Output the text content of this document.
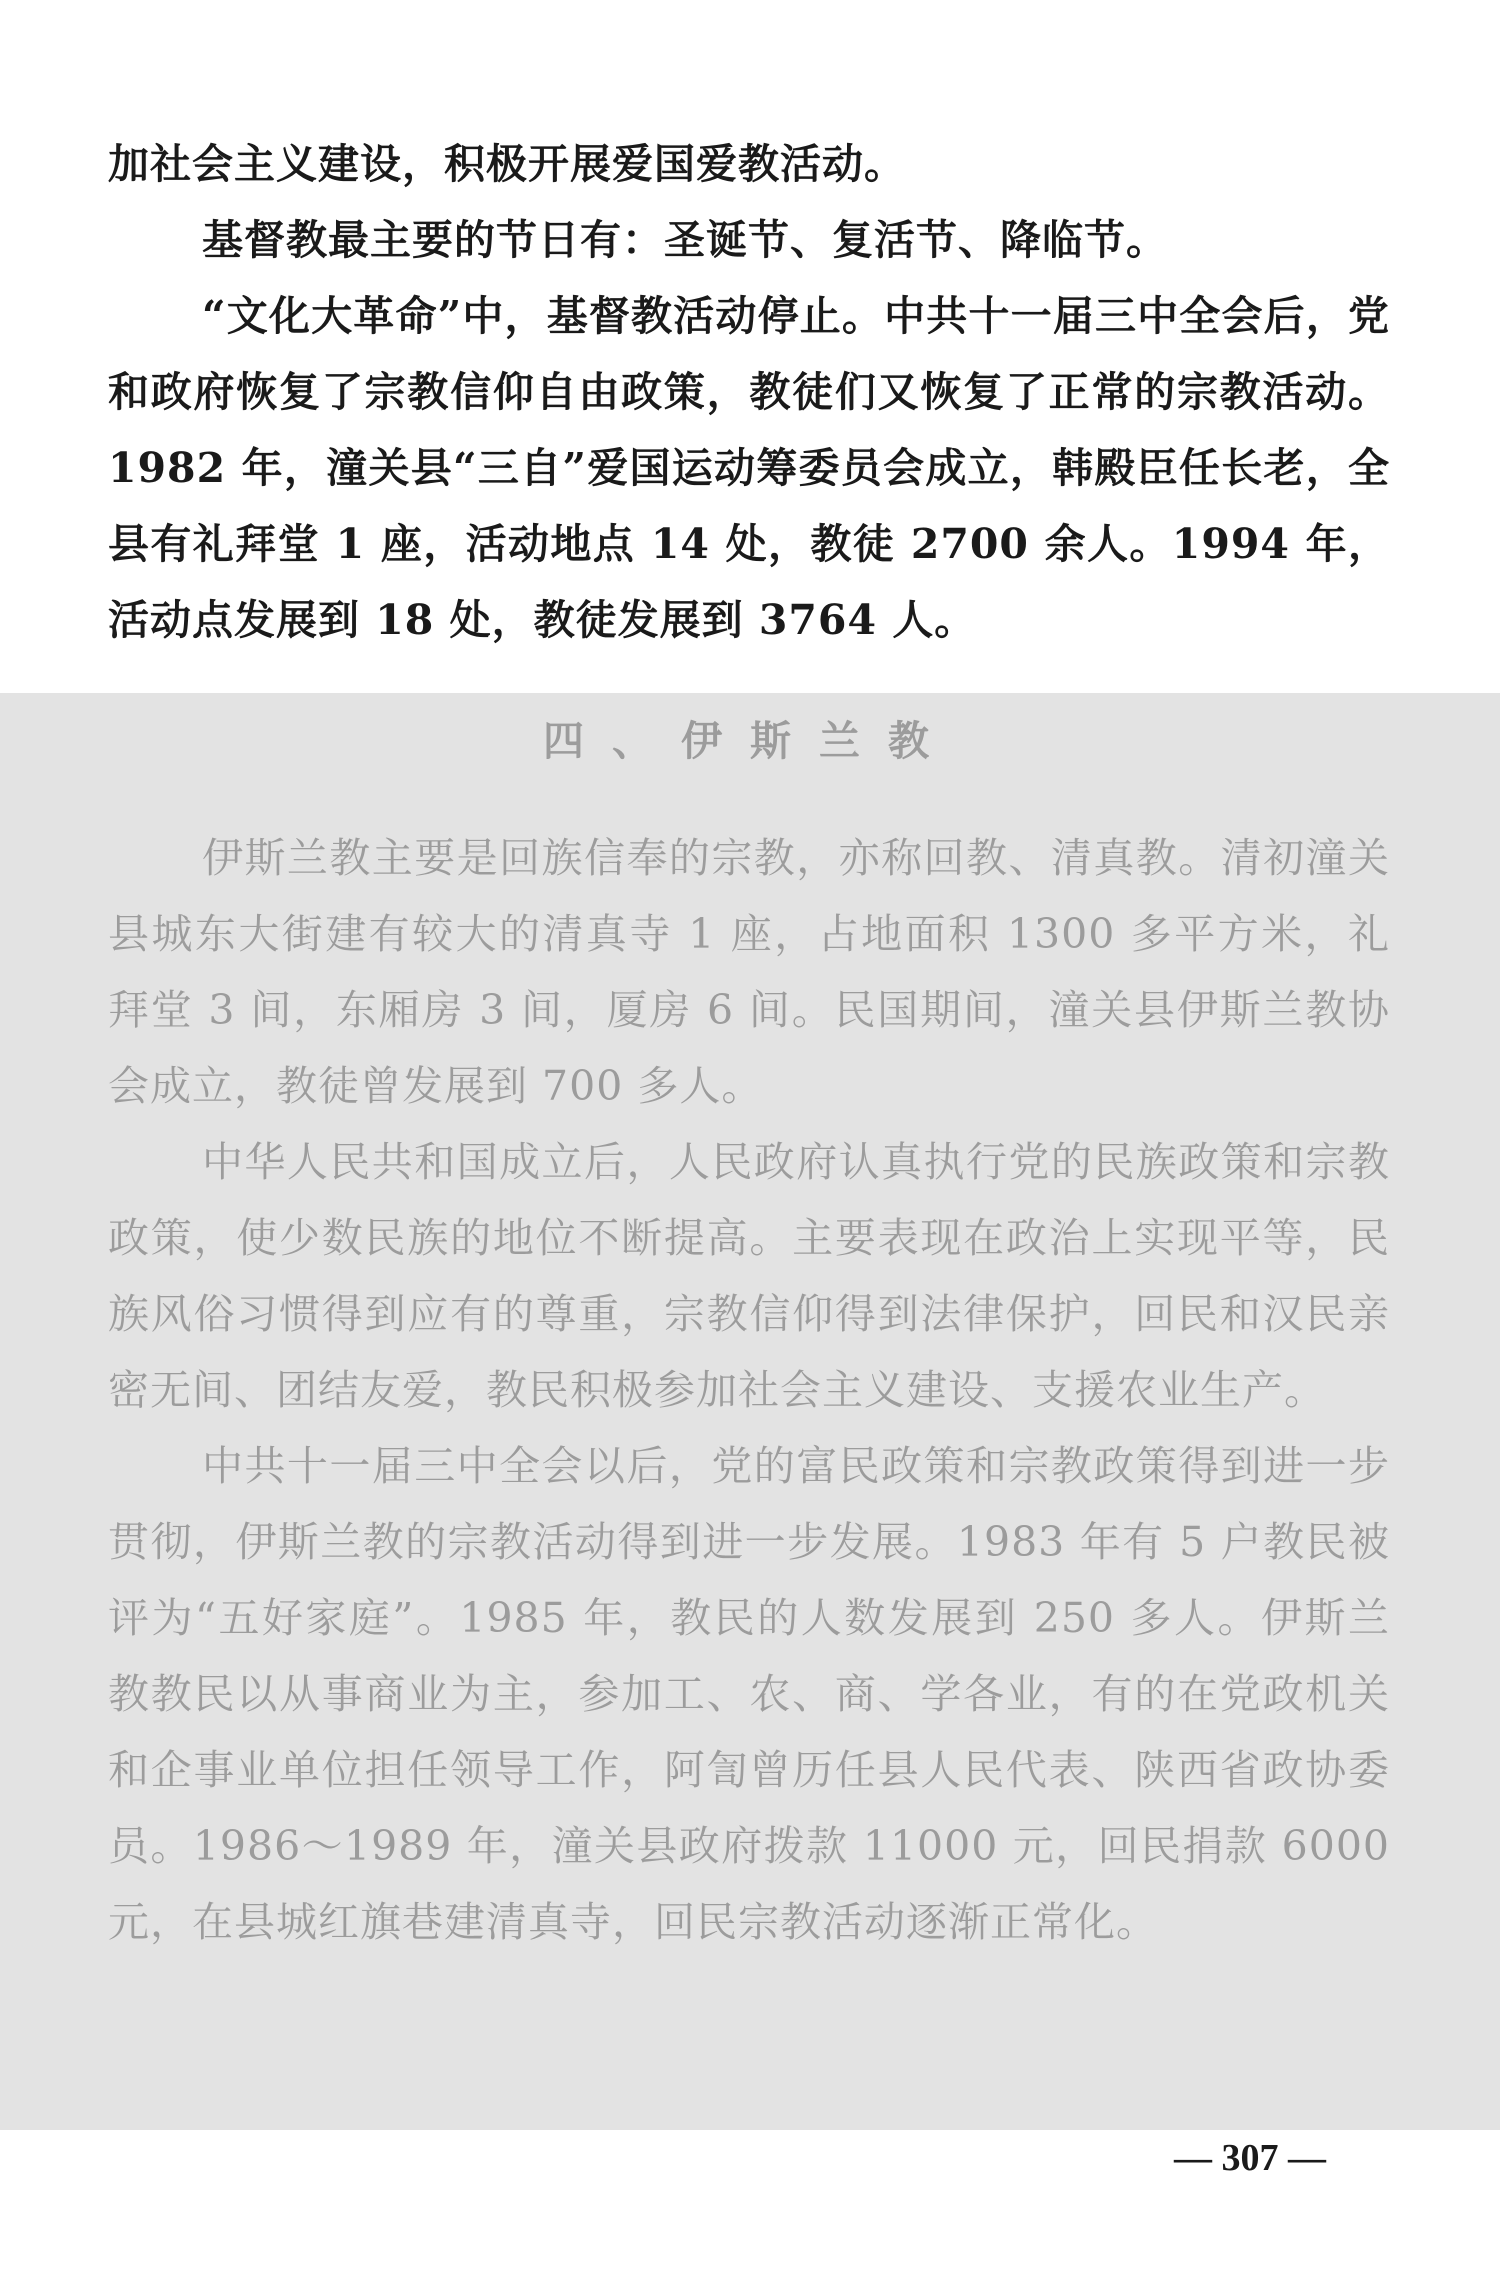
加社会主义建设，积极开展爱国爱教活动。

基督教最主要的节日有：圣诞节、复活节、降临节。

“文化大革命”中，基督教活动停止。中共十一届三中全会后，党和政府恢复了宗教信仰自由政策，教徒们又恢复了正常的宗教活动。1982 年，潼关县“三自”爱国运动筹委员会成立，韩殿臣任长老，全县有礼拜堂 1 座，活动地点 14 处，教徒 2700 余人。1994 年，活动点发展到 18 处，教徒发展到 3764 人。

四、伊斯兰教

伊斯兰教主要是回族信奉的宗教，亦称回教、清真教。清初潼关县城东大街建有较大的清真寺 1 座，占地面积 1300 多平方米，礼拜堂 3 间，东厢房 3 间，厦房 6 间。民国期间，潼关县伊斯兰教协会成立，教徒曾发展到 700 多人。

中华人民共和国成立后，人民政府认真执行党的民族政策和宗教政策，使少数民族的地位不断提高。主要表现在政治上实现平等，民族风俗习惯得到应有的尊重，宗教信仰得到法律保护，回民和汉民亲密无间、团结友爱，教民积极参加社会主义建设、支援农业生产。

中共十一届三中全会以后，党的富民政策和宗教政策得到进一步贯彻，伊斯兰教的宗教活动得到进一步发展。1983 年有 5 户教民被评为“五好家庭”。1985 年，教民的人数发展到 250 多人。伊斯兰教教民以从事商业为主，参加工、农、商、学各业，有的在党政机关和企事业单位担任领导工作，阿訇曾历任县人民代表、陕西省政协委员。1986～1989 年，潼关县政府拨款 11000 元，回民捐款 6000 元，在县城红旗巷建清真寺，回民宗教活动逐渐正常化。

— 307 —
